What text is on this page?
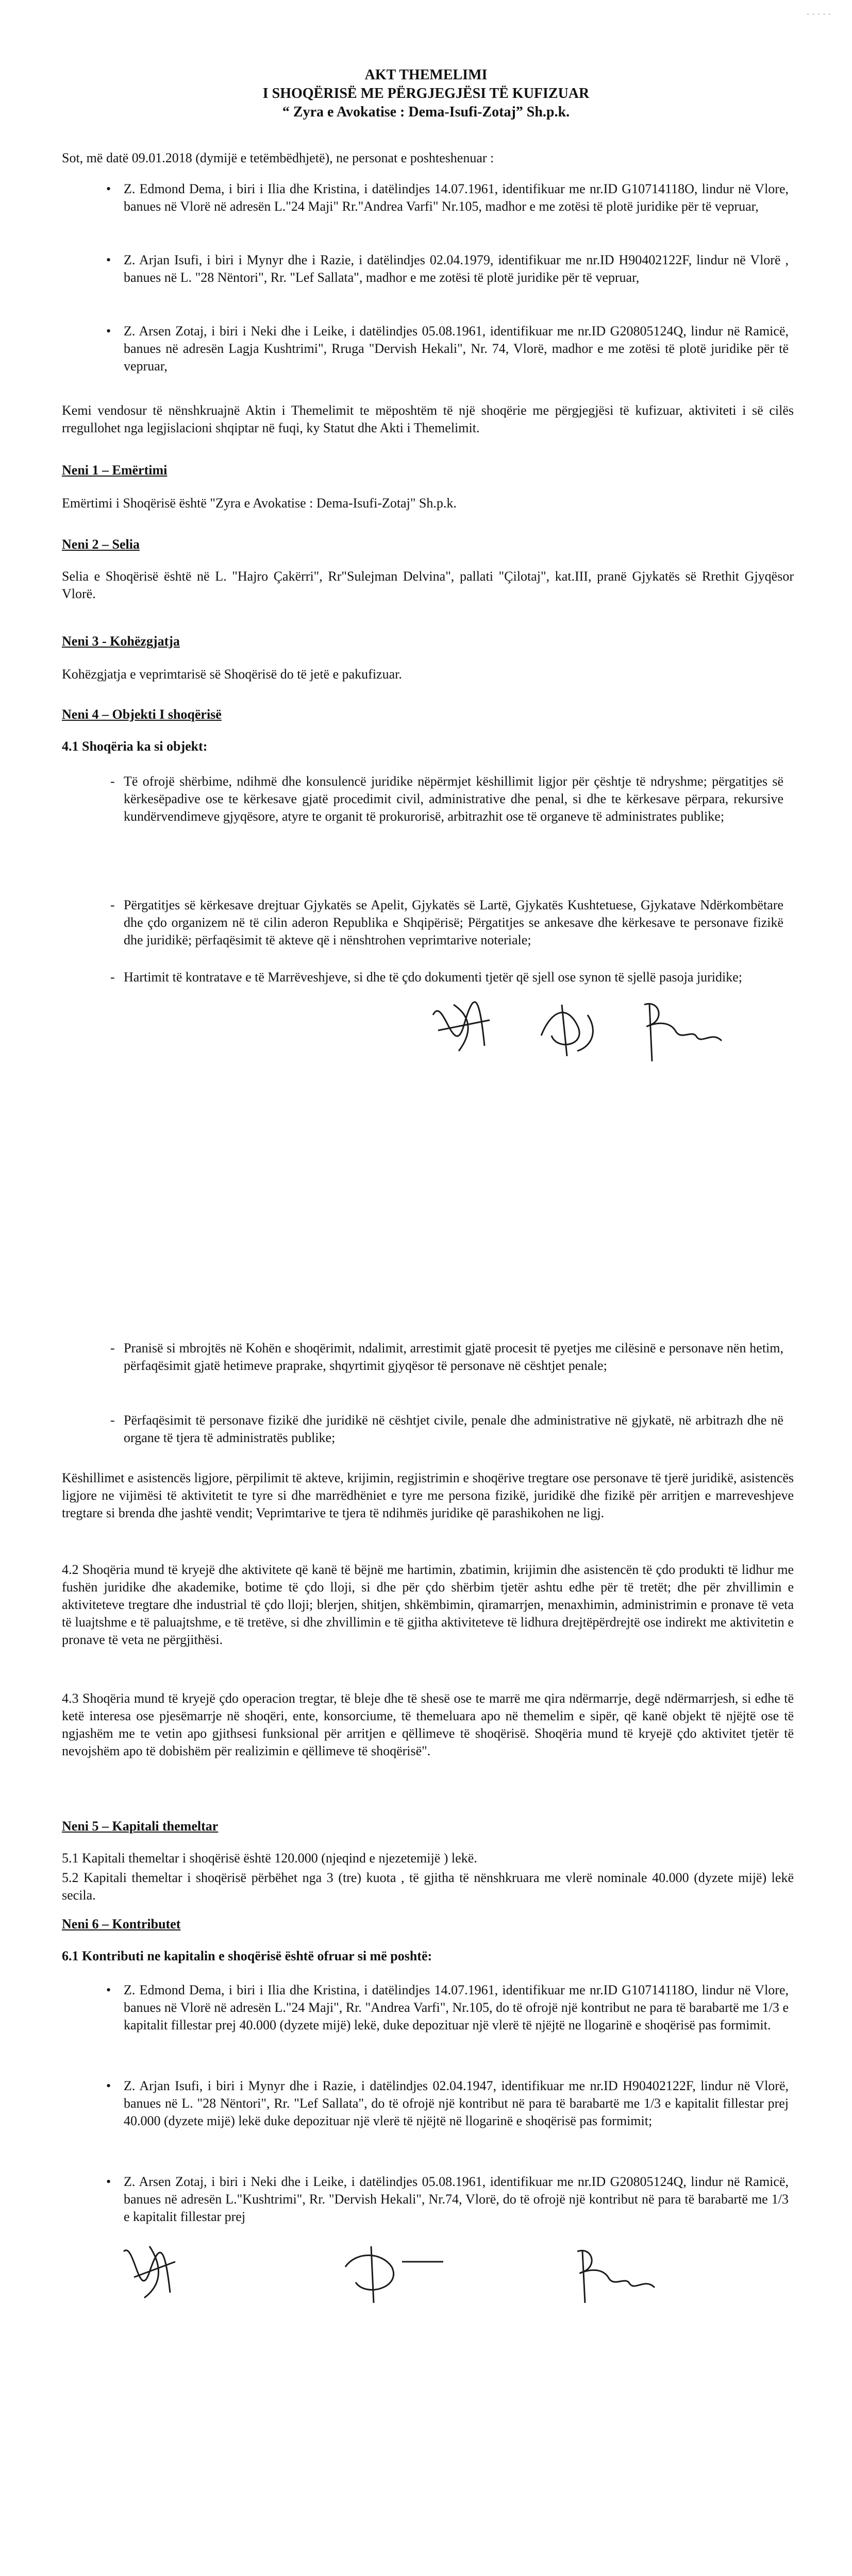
- - - - -
AKT THEMELIMI
I SHOQËRISË ME PËRGJEGJËSI TË KUFIZUAR
“ Zyra e Avokatise : Dema-Isufi-Zotaj” Sh.p.k.
Sot, më datë 09.01.2018 (dymijë e tetëmbëdhjetë), ne personat e poshteshenuar :
• Z. Edmond Dema, i biri i Ilia dhe Kristina, i datëlindjes 14.07.1961, identifikuar me nr.ID G10714118O, lindur në Vlore, banues në Vlorë në adresën L."24 Maji" Rr."Andrea Varfi" Nr.105, madhor e me zotësi të plotë juridike për të vepruar,
• Z. Arjan Isufi, i biri i Mynyr dhe i Razie, i datëlindjes 02.04.1979, identifikuar me nr.ID H90402122F, lindur në Vlorë , banues në L. "28 Nëntori", Rr. "Lef Sallata", madhor e me zotësi të plotë juridike për të vepruar,
• Z. Arsen Zotaj, i biri i Neki dhe i Leike, i datëlindjes 05.08.1961, identifikuar me nr.ID G20805124Q, lindur në Ramicë, banues në adresën Lagja Kushtrimi", Rruga "Dervish Hekali", Nr. 74, Vlorë, madhor e me zotësi të plotë juridike për të vepruar,
Kemi vendosur të nënshkruajnë Aktin i Themelimit te mëposhtëm të një shoqërie me përgjegjësi të kufizuar, aktiviteti i së cilës rregullohet nga legjislacioni shqiptar në fuqi, ky Statut dhe Akti i Themelimit.
Neni 1 – Emërtimi
Emërtimi i Shoqërisë është "Zyra e Avokatise : Dema-Isufi-Zotaj" Sh.p.k.
Neni 2 – Selia
Selia e Shoqërisë është në L. "Hajro Çakërri", Rr"Sulejman Delvina", pallati "Çilotaj", kat.III, pranë Gjykatës së Rrethit Gjyqësor Vlorë.
Neni 3 - Kohëzgjatja
Kohëzgjatja e veprimtarisë së Shoqërisë do të jetë e pakufizuar.
Neni 4 – Objekti I shoqërisë
4.1 Shoqëria ka si objekt:
- Të ofrojë shërbime, ndihmë dhe konsulencë juridike nëpërmjet këshillimit ligjor për çështje të ndryshme; përgatitjes së kërkesëpadive ose te kërkesave gjatë procedimit civil, administrative dhe penal, si dhe te kërkesave përpara, rekursive kundërvendimeve gjyqësore, atyre te organit të prokurorisë, arbitrazhit ose të organeve të administrates publike;
- Përgatitjes së kërkesave drejtuar Gjykatës se Apelit, Gjykatës së Lartë, Gjykatës Kushtetuese, Gjykatave Ndërkombëtare dhe çdo organizem në të cilin aderon Republika e Shqipërisë; Përgatitjes se ankesave dhe kërkesave te personave fizikë dhe juridikë; përfaqësimit të akteve që i nënshtrohen veprimtarive noteriale;
- Hartimit të kontratave e të Marrëveshjeve, si dhe të çdo dokumenti tjetër që sjell ose synon të sjellë pasoja juridike;
- Pranisë si mbrojtës në Kohën e shoqërimit, ndalimit, arrestimit gjatë procesit të pyetjes me cilësinë e personave nën hetim, përfaqësimit gjatë hetimeve praprake, shqyrtimit gjyqësor të personave në cështjet penale;
- Përfaqësimit të personave fizikë dhe juridikë në cështjet civile, penale dhe administrative në gjykatë, në arbitrazh dhe në organe të tjera të administratës publike;
Këshillimet e asistencës ligjore, përpilimit të akteve, krijimin, regjistrimin e shoqërive tregtare ose personave të tjerë juridikë, asistencës ligjore ne vijimësi të aktivitetit te tyre si dhe marrëdhëniet e tyre me persona fizikë, juridikë dhe fizikë për arritjen e marreveshjeve tregtare si brenda dhe jashtë vendit; Veprimtarive te tjera të ndihmës juridike që parashikohen ne ligj.
4.2 Shoqëria mund të kryejë dhe aktivitete që kanë të bëjnë me hartimin, zbatimin, krijimin dhe asistencën të çdo produkti të lidhur me fushën juridike dhe akademike, botime të çdo lloji, si dhe për çdo shërbim tjetër ashtu edhe për të tretët; dhe për zhvillimin e aktiviteteve tregtare dhe industrial të çdo lloji; blerjen, shitjen, shkëmbimin, qiramarrjen, menaxhimin, administrimin e pronave të veta të luajtshme e të paluajtshme, e të tretëve, si dhe zhvillimin e të gjitha aktiviteteve të lidhura drejtëpërdrejtë ose indirekt me aktivitetin e pronave të veta ne përgjithësi.
4.3 Shoqëria mund të kryejë çdo operacion tregtar, të bleje dhe të shesë ose te marrë me qira ndërmarrje, degë ndërmarrjesh, si edhe të ketë interesa ose pjesëmarrje në shoqëri, ente, konsorciume, të themeluara apo në themelim e sipër, që kanë objekt të njëjtë ose të ngjashëm me te vetin apo gjithsesi funksional për arritjen e qëllimeve të shoqërisë. Shoqëria mund të kryejë çdo aktivitet tjetër të nevojshëm apo të dobishëm për realizimin e qëllimeve të shoqërisë".
Neni 5 – Kapitali themeltar
5.1 Kapitali themeltar i shoqërisë është 120.000 (njeqind e njezetemijë ) lekë.
5.2 Kapitali themeltar i shoqërisë përbëhet nga 3 (tre) kuota , të gjitha të nënshkruara me vlerë nominale 40.000 (dyzete mijë) lekë secila.
Neni 6 – Kontributet
6.1 Kontributi ne kapitalin e shoqërisë është ofruar si më poshtë:
• Z. Edmond Dema, i biri i Ilia dhe Kristina, i datëlindjes 14.07.1961, identifikuar me nr.ID G10714118O, lindur në Vlore, banues në Vlorë në adresën L."24 Maji", Rr. "Andrea Varfi", Nr.105, do të ofrojë një kontribut ne para të barabartë me 1/3 e kapitalit fillestar prej 40.000 (dyzete mijë) lekë, duke depozituar një vlerë të njëjtë ne llogarinë e shoqërisë pas formimit.
• Z. Arjan Isufi, i biri i Mynyr dhe i Razie, i datëlindjes 02.04.1947, identifikuar me nr.ID H90402122F, lindur në Vlorë, banues në L. "28 Nëntori", Rr. "Lef Sallata", do të ofrojë një kontribut në para të barabartë me 1/3 e kapitalit fillestar prej 40.000 (dyzete mijë) lekë duke depozituar një vlerë të njëjtë në llogarinë e shoqërisë pas formimit;
• Z. Arsen Zotaj, i biri i Neki dhe i Leike, i datëlindjes 05.08.1961, identifikuar me nr.ID G20805124Q, lindur në Ramicë, banues në adresën L."Kushtrimi", Rr. "Dervish Hekali", Nr.74, Vlorë, do të ofrojë një kontribut në para të barabartë me 1/3 e kapitalit fillestar prej
